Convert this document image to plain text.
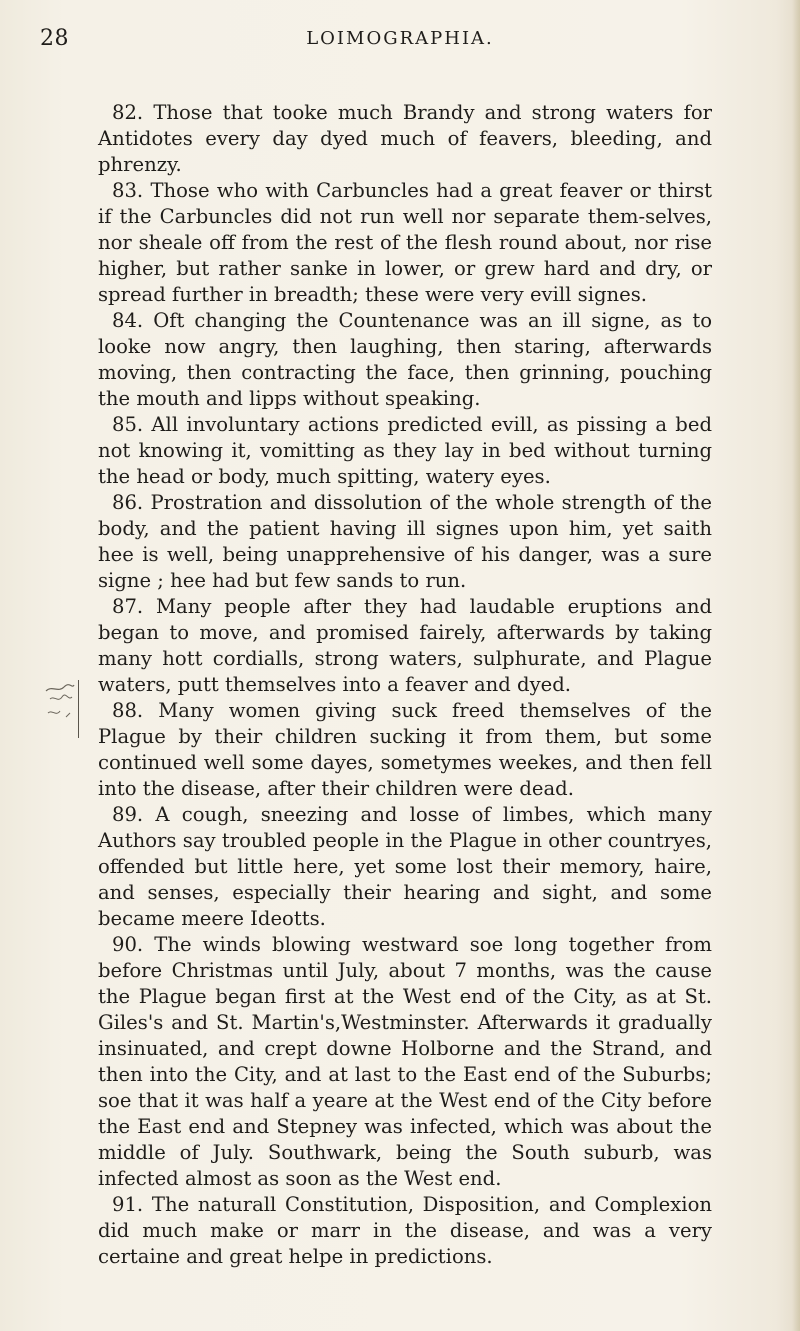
28	LOIMOGRAPHIA.

82. Those that tooke much Brandy and strong waters for Antidotes every day dyed much of feavers, bleeding, and phrenzy.

83. Those who with Carbuncles had a great feaver or thirst if the Carbuncles did not run well nor separate them-selves, nor sheale off from the rest of the flesh round about, nor rise higher, but rather sanke in lower, or grew hard and dry, or spread further in breadth; these were very evill signes.

84. Oft changing the Countenance was an ill signe, as to looke now angry, then laughing, then staring, afterwards moving, then contracting the face, then grinning, pouching the mouth and lipps without speaking.

85. All involuntary actions predicted evill, as pissing a bed not knowing it, vomitting as they lay in bed without turning the head or body, much spitting, watery eyes.

86. Prostration and dissolution of the whole strength of the body, and the patient having ill signes upon him, yet saith hee is well, being unapprehensive of his danger, was a sure signe ; hee had but few sands to run.

87. Many people after they had laudable eruptions and began to move, and promised fairely, afterwards by taking many hott cordialls, strong waters, sulphurate, and Plague waters, putt themselves into a feaver and dyed.

88. Many women giving suck freed themselves of the Plague by their children sucking it from them, but some continued well some dayes, sometymes weekes, and then fell into the disease, after their children were dead.

89. A cough, sneezing and losse of limbes, which many Authors say troubled people in the Plague in other countryes, offended but little here, yet some lost their memory, haire, and senses, especially their hearing and sight, and some became meere Ideotts.

90. The winds blowing westward soe long together from before Christmas until July, about 7 months, was the cause the Plague began first at the West end of the City, as at St. Giles's and St. Martin's,Westminster. Afterwards it gradually insinuated, and crept downe Holborne and the Strand, and then into the City, and at last to the East end of the Suburbs; soe that it was half a yeare at the West end of the City before the East end and Stepney was infected, which was about the middle of July. Southwark, being the South suburb, was infected almost as soon as the West end.

91. The naturall Constitution, Disposition, and Complexion did much make or marr in the disease, and was a very certaine and great helpe in predictions.
